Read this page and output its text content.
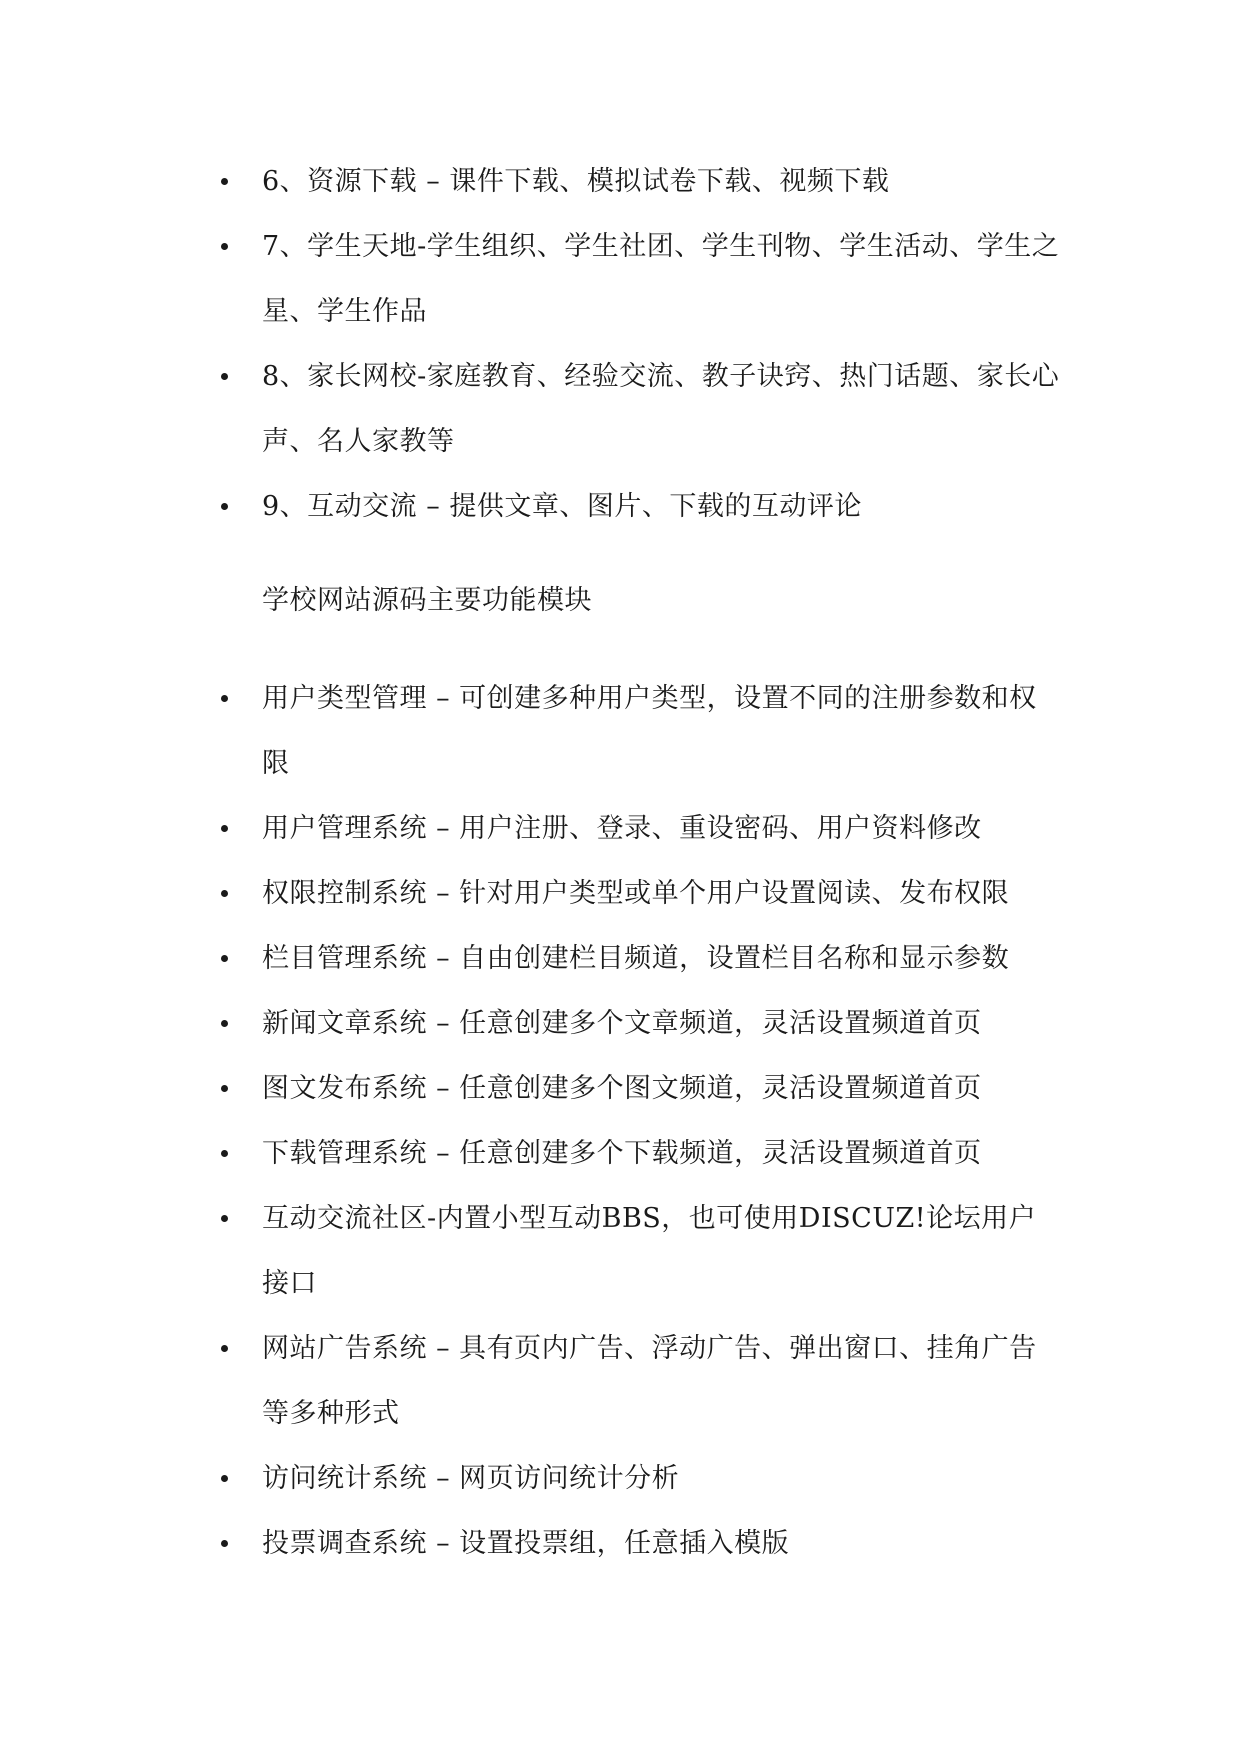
6、资源下载 – 课件下载、模拟试卷下载、视频下载
7、学生天地-学生组织、学生社团、学生刊物、学生活动、学生之星、学生作品
8、家长网校-家庭教育、经验交流、教子诀窍、热门话题、家长心声、名人家教等
9、互动交流 – 提供文章、图片、下载的互动评论
学校网站源码主要功能模块
用户类型管理 – 可创建多种用户类型，设置不同的注册参数和权限
用户管理系统 – 用户注册、登录、重设密码、用户资料修改
权限控制系统 – 针对用户类型或单个用户设置阅读、发布权限
栏目管理系统 – 自由创建栏目频道，设置栏目名称和显示参数
新闻文章系统 – 任意创建多个文章频道，灵活设置频道首页
图文发布系统 – 任意创建多个图文频道，灵活设置频道首页
下载管理系统 – 任意创建多个下载频道，灵活设置频道首页
互动交流社区-内置小型互动BBS，也可使用DISCUZ!论坛用户接口
网站广告系统 – 具有页内广告、浮动广告、弹出窗口、挂角广告等多种形式
访问统计系统 – 网页访问统计分析
投票调查系统 – 设置投票组，任意插入模版
